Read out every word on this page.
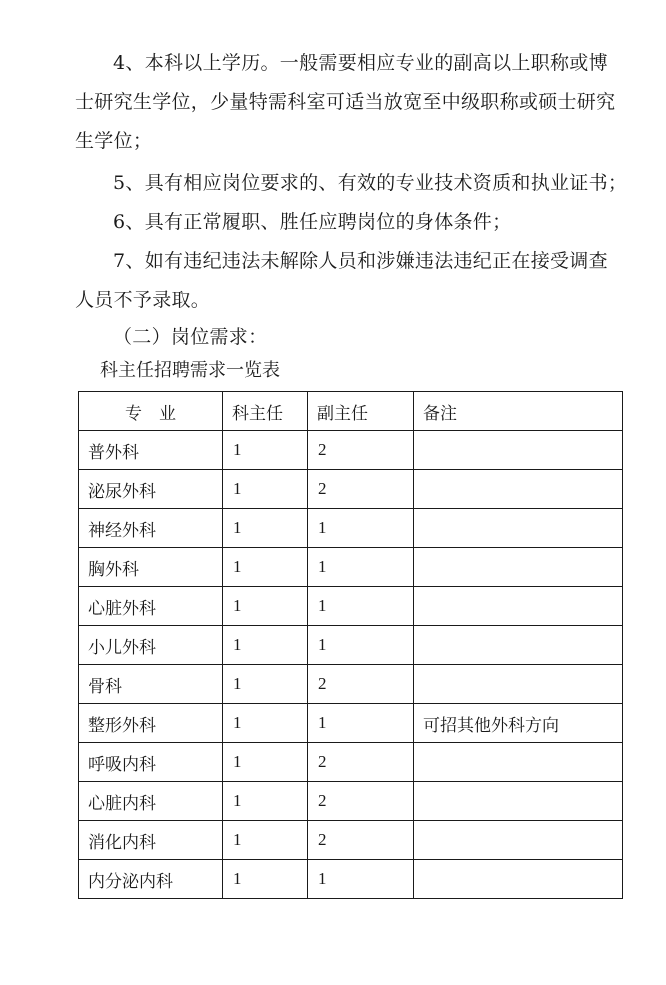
4、本科以上学历。一般需要相应专业的副高以上职称或博
士研究生学位，少量特需科室可适当放宽至中级职称或硕士研究
生学位；
5、具有相应岗位要求的、有效的专业技术资质和执业证书；
6、具有正常履职、胜任应聘岗位的身体条件；
7、如有违纪违法未解除人员和涉嫌违法违纪正在接受调查
人员不予录取。
（二）岗位需求：
科主任招聘需求一览表
专　业	科主任	副主任	备注
普外科	1	2	
泌尿外科	1	2	
神经外科	1	1	
胸外科	1	1	
心脏外科	1	1	
小儿外科	1	1	
骨科	1	2	
整形外科	1	1	可招其他外科方向
呼吸内科	1	2	
心脏内科	1	2	
消化内科	1	2	
内分泌内科	1	1	
